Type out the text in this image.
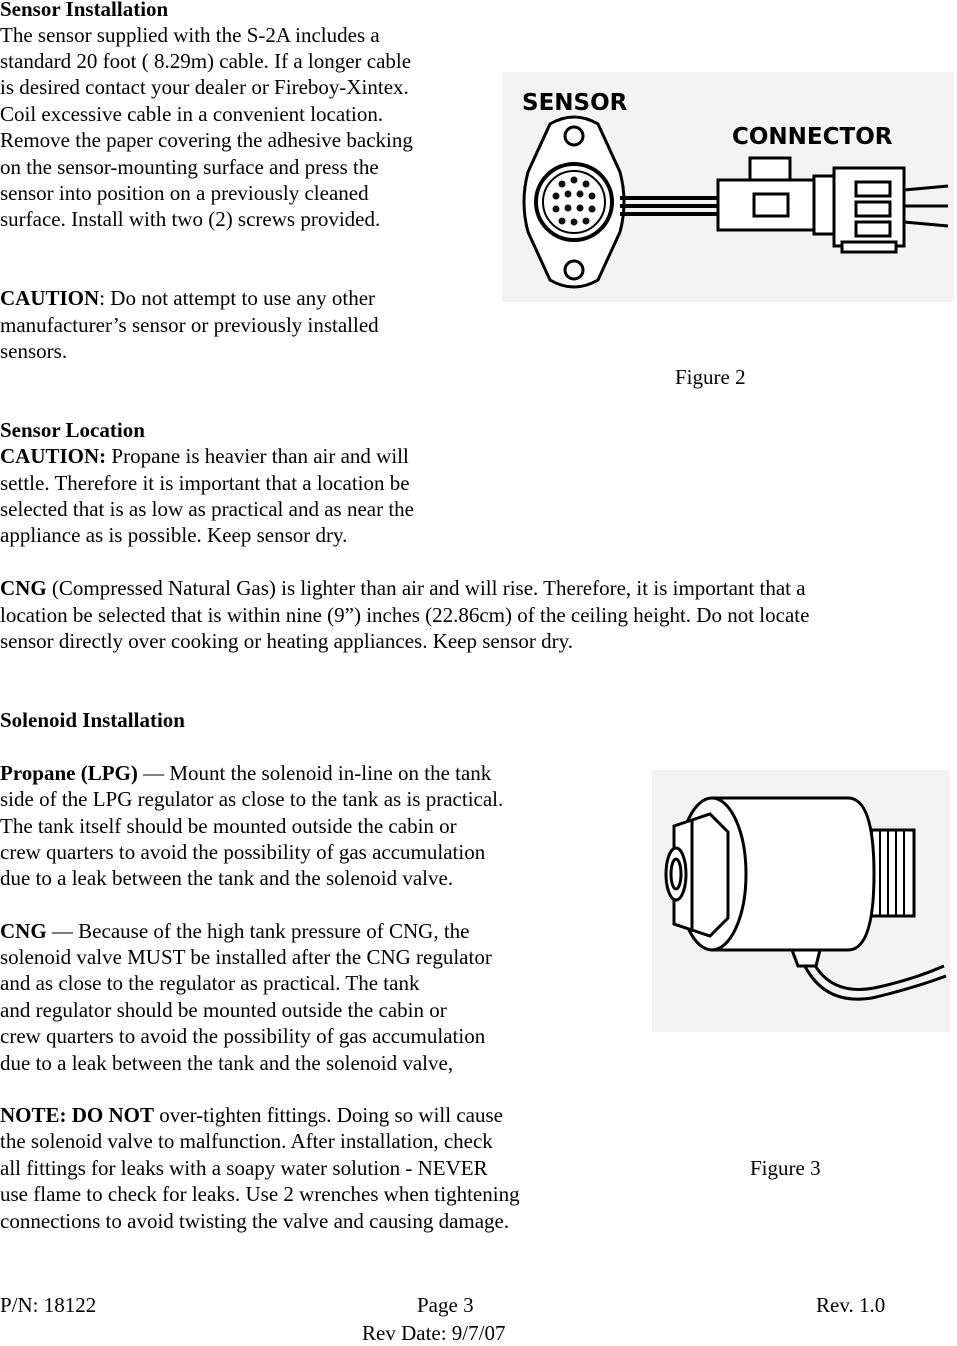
Sensor Installation
The sensor supplied with the S-2A includes a
standard 20 foot ( 8.29m) cable. If a longer cable
is desired contact your dealer or Fireboy-Xintex.
Coil excessive cable in a convenient location.
Remove the paper covering the adhesive backing
on the sensor-mounting surface and press the
sensor into position on a previously cleaned
surface. Install with two (2) screws provided.
CAUTION: Do not attempt to use any other
manufacturer’s sensor or previously installed
sensors.
SENSOR
CONNECTOR
Figure 2
Sensor Location
CAUTION: Propane is heavier than air and will
settle. Therefore it is important that a location be
selected that is as low as practical and as near the
appliance as is possible. Keep sensor dry.
CNG (Compressed Natural Gas) is lighter than air and will rise. Therefore, it is important that a
location be selected that is within nine (9”) inches (22.86cm) of the ceiling height. Do not locate
sensor directly over cooking or heating appliances. Keep sensor dry.
Solenoid Installation
Propane (LPG) — Mount the solenoid in-line on the tank
side of the LPG regulator as close to the tank as is practical.
The tank itself should be mounted outside the cabin or
crew quarters to avoid the possibility of gas accumulation
due to a leak between the tank and the solenoid valve.
CNG — Because of the high tank pressure of CNG, the
solenoid valve MUST be installed after the CNG regulator
and as close to the regulator as practical. The tank
and regulator should be mounted outside the cabin or
crew quarters to avoid the possibility of gas accumulation
due to a leak between the tank and the solenoid valve,
NOTE: DO NOT over-tighten fittings. Doing so will cause
the solenoid valve to malfunction. After installation, check
all fittings for leaks with a soapy water solution - NEVER
use flame to check for leaks. Use 2 wrenches when tightening
connections to avoid twisting the valve and causing damage.
Figure 3
P/N: 18122	Page 3	Rev. 1.0
Rev Date: 9/7/07
